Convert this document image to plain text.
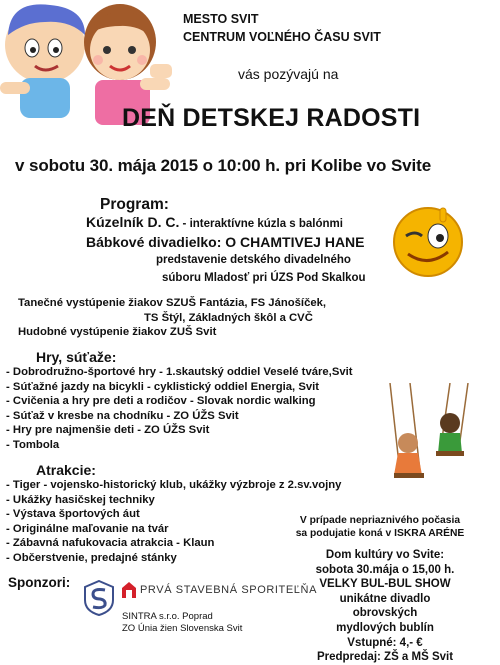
MESTO SVIT
CENTRUM VOĽNÉHO ČASU SVIT
vás pozývajú na
DEŇ DETSKEJ RADOSTI
v sobotu 30. mája 2015 o 10:00 h. pri Kolibe vo Svite
Program:
Kúzelník D. C. - interaktívne kúzla s balónmi
Bábkové divadielko: O CHAMTIVEJ HANE
predstavenie detského divadelného
súboru Mladosť pri ÚZS Pod Skalkou
Tanečné vystúpenie žiakov SZUŠ Fantázia, FS Jánošíček,
TS Štýl, Základných škôl a CVČ
Hudobné vystúpenie žiakov ZUŠ Svit
Hry, súťaže:
- Dobrodružno-športové hry - 1.skautský oddiel Veselé tváre,Svit
- Súťažné jazdy na bicykli - cyklistický oddiel Energia, Svit
- Cvičenia a hry pre deti a rodičov - Slovak nordic walking
- Súťaž v kresbe na chodníku - ZO ÚŽS Svit
- Hry pre najmenšie deti - ZO ÚŽS Svit
- Tombola
Atrakcie:
- Tiger - vojensko-historický klub, ukážky výzbroje z 2.sv.vojny
- Ukážky hasičskej techniky
- Výstava športových áut
- Originálne maľovanie na tvár
- Zábavná nafukovacia atrakcia - Klaun
- Občerstvenie, predajné stánky
V prípade nepriaznivého počasia
sa podujatie koná v ISKRA ARÉNE
Dom kultúry vo Svite:
sobota 30.mája o 15,00 h.
VELKY BUL-BUL SHOW
unikátne divadlo obrovských
mydlových bublín
Vstupné: 4,- €
Predpredaj: ZŠ a MŠ Svit
Sponzori:	PRVÁ STAVEBNÁ SPORITEĽŇA
SINTRA s.r.o. Poprad
ZO Únia žien Slovenska Svit
